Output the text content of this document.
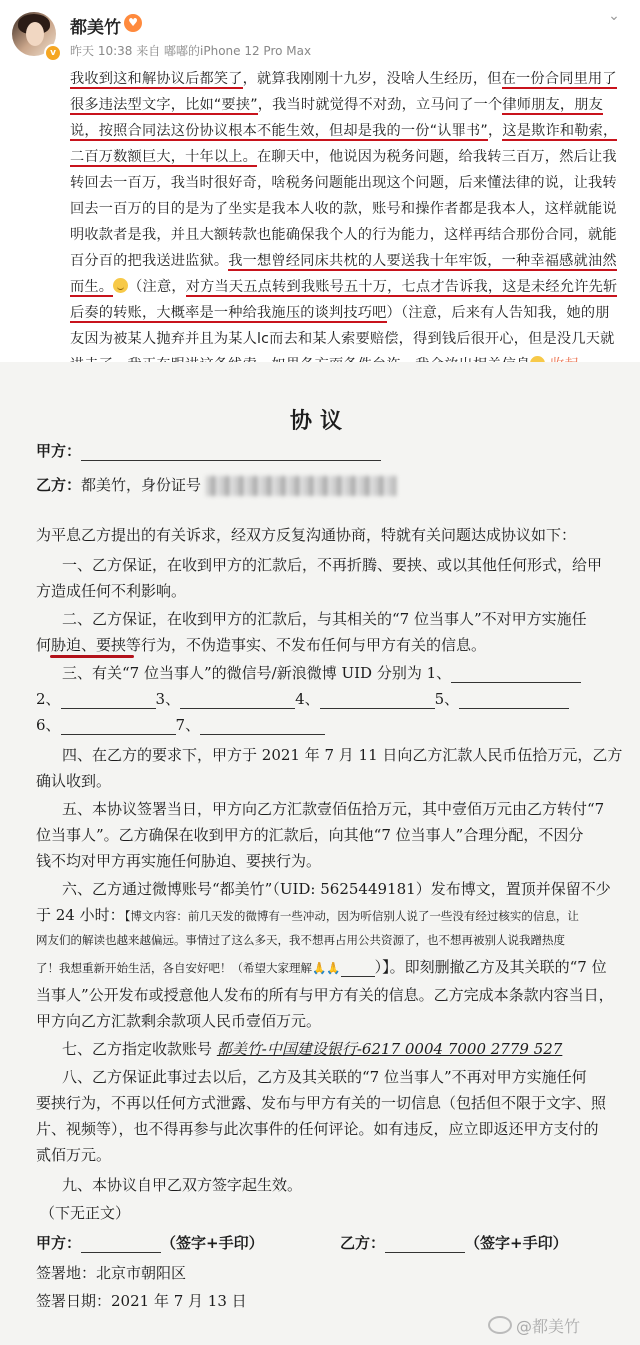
v
都美竹 ♥
昨天 10:38 来自 嘟嘟的iPhone 12 Pro Max
⌄
我收到这和解协议后都笑了，就算我刚刚十九岁，没啥人生经历，但在一份合同里用了
很多违法型文字，比如“要挟”，我当时就觉得不对劲，立马问了一个律师朋友，朋友
说，按照合同法这份协议根本不能生效，但却是我的一份“认罪书”，这是欺诈和勒索，
二百万数额巨大，十年以上。在聊天中，他说因为税务问题，给我转三百万，然后让我
转回去一百万，我当时很好奇，啥税务问题能出现这个问题，后来懂法律的说，让我转
回去一百万的目的是为了坐实是我本人收的款，账号和操作者都是我本人，这样就能说
明收款者是我，并且大额转款也能确保我个人的行为能力，这样再结合那份合同，就能
百分百的把我送进监狱。我一想曾经同床共枕的人要送我十年牢饭，一种幸福感就油然
而生。 （注意，对方当天五点转到我账号五十万，七点才告诉我，这是未经允许先斩
后奏的转账，大概率是一种给我施压的谈判技巧吧）（注意，后来有人告知我，她的朋
友因为被某人抛弃并且为某人lc而去和某人索要赔偿，得到钱后很开心，但是没几天就
协议
甲方：
乙方：都美竹，身份证号
为平息乙方提出的有关诉求，经双方反复沟通协商，特就有关问题达成协议如下：
一、乙方保证，在收到甲方的汇款后，不再折腾、要挟、或以其他任何形式，给甲
方造成任何不利影响。
二、乙方保证，在收到甲方的汇款后，与其相关的“7 位当事人”不对甲方实施任
何胁迫、要挟等行为，不伪造事实、不发布任何与甲方有关的信息。
三、有关“7 位当事人”的微信号/新浪微博 UID 分别为 1、
2、	3、	4、	5、
6、	7、
四、在乙方的要求下，甲方于 2021 年 7 月 11 日向乙方汇款人民币伍拾万元，乙方
确认收到。
五、本协议签署当日，甲方向乙方汇款壹佰伍拾万元，其中壹佰万元由乙方转付“7
位当事人”。乙方确保在收到甲方的汇款后，向其他“7 位当事人”合理分配，不因分
钱不均对甲方再实施任何胁迫、要挟行为。
六、乙方通过微博账号“都美竹”（UID: 5625449181）发布博文，置顶并保留不少
于 24 小时：【博文内容：前几天发的微博有一些冲动，因为听信别人说了一些没有经过核实的信息，让
网友们的解读也越来越偏远。事情过了这么多天，我不想再占用公共资源了，也不想再被别人说我蹭热度
了！我想重新开始生活，各自安好吧！（希望大家理解🙏🙏 ）】。即刻删撤乙方及其关联的“7 位
当事人”公开发布或授意他人发布的所有与甲方有关的信息。乙方完成本条款内容当日，
甲方向乙方汇款剩余款项人民币壹佰万元。
七、乙方指定收款账号 都美竹-中国建设银行-6217 0004 7000 2779 527
八、乙方保证此事过去以后，乙方及其关联的“7 位当事人”不再对甲方实施任何
要挟行为，不再以任何方式泄露、发布与甲方有关的一切信息（包括但不限于文字、照
片、视频等），也不得再参与此次事件的任何评论。如有违反，应立即返还甲方支付的
贰佰万元。
九、本协议自甲乙双方签字起生效。
（下无正文）
甲方：	（签字+手印）	乙方：	（签字+手印）
签署地：北京市朝阳区
签署日期：2021 年 7 月 13 日
@都美竹
